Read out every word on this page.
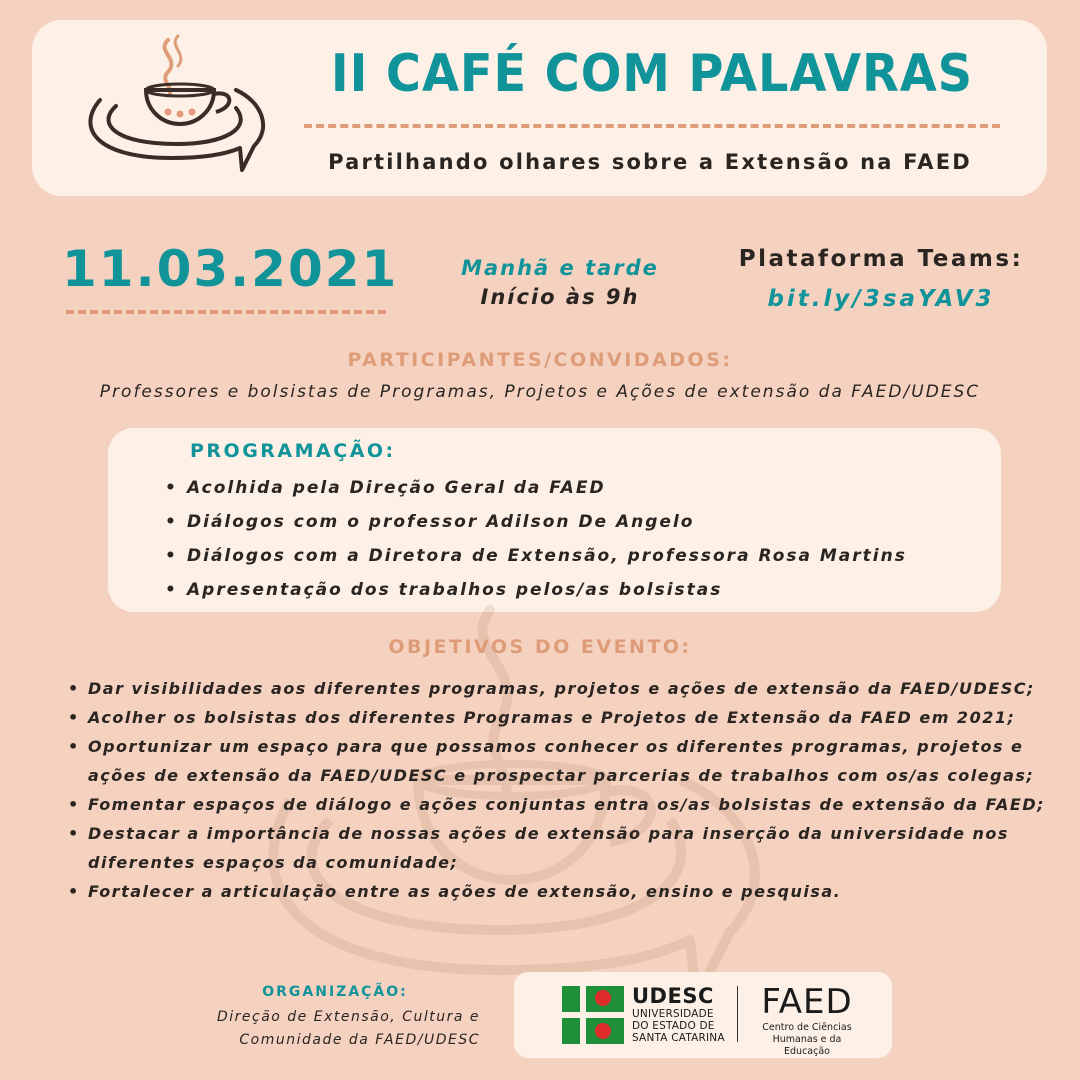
II CAFÉ COM PALAVRAS
Partilhando olhares sobre a Extensão na FAED
11.03.2021	Manhã e tarde
Início às 9h
Plataforma Teams:
bit.ly/3saYAV3
PARTICIPANTES/CONVIDADOS:
Professores e bolsistas de Programas, Projetos e Ações de extensão da FAED/UDESC
PROGRAMAÇÃO:
• Acolhida pela Direção Geral da FAED
• Diálogos com o professor Adilson De Angelo
• Diálogos com a Diretora de Extensão, professora Rosa Martins
• Apresentação dos trabalhos pelos/as bolsistas
OBJETIVOS DO EVENTO:
• Dar visibilidades aos diferentes programas, projetos e ações de extensão da FAED/UDESC;
• Acolher os bolsistas dos diferentes Programas e Projetos de Extensão da FAED em 2021;
• Oportunizar um espaço para que possamos conhecer os diferentes programas, projetos e ações de extensão da FAED/UDESC e prospectar parcerias de trabalhos com os/as colegas;
• Fomentar espaços de diálogo e ações conjuntas entra os/as bolsistas de extensão da FAED;
• Destacar a importância de nossas ações de extensão para inserção da universidade nos diferentes espaços da comunidade;
• Fortalecer a articulação entre as ações de extensão, ensino e pesquisa.
ORGANIZAÇÃO:
Direção de Extensão, Cultura e
Comunidade da FAED/UDESC
UDESC
UNIVERSIDADE
DO ESTADO DE
SANTA CATARINA
FAED
Centro de Ciências
Humanas e da Educação
